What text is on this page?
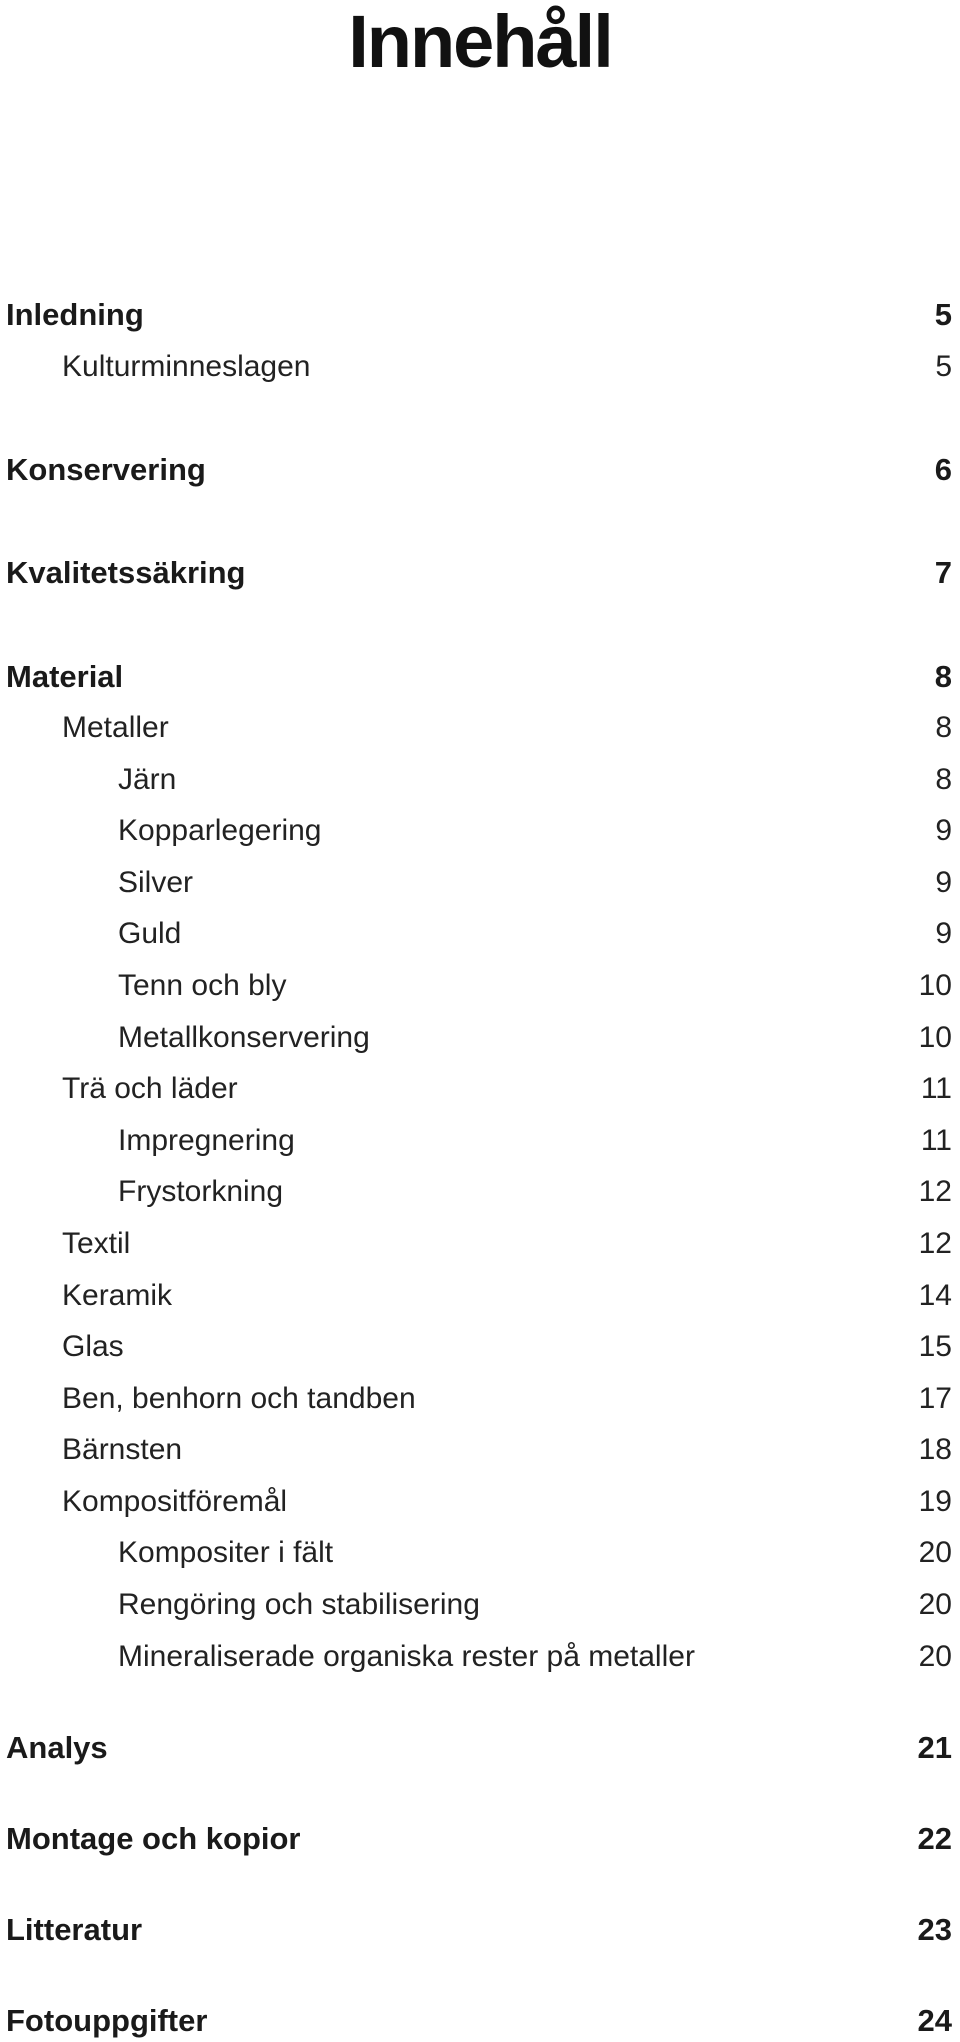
Innehåll
Inledning	5
Kulturminneslagen	5
Konservering	6
Kvalitetssäkring	7
Material	8
Metaller	8
Järn	8
Kopparlegering	9
Silver	9
Guld	9
Tenn och bly	10
Metallkonservering	10
Trä och läder	11
Impregnering	11
Frystorkning	12
Textil	12
Keramik	14
Glas	15
Ben, benhorn och tandben	17
Bärnsten	18
Kompositföremål	19
Kompositer i fält	20
Rengöring och stabilisering	20
Mineraliserade organiska rester på metaller	20
Analys	21
Montage och kopior	22
Litteratur	23
Fotouppgifter	24
